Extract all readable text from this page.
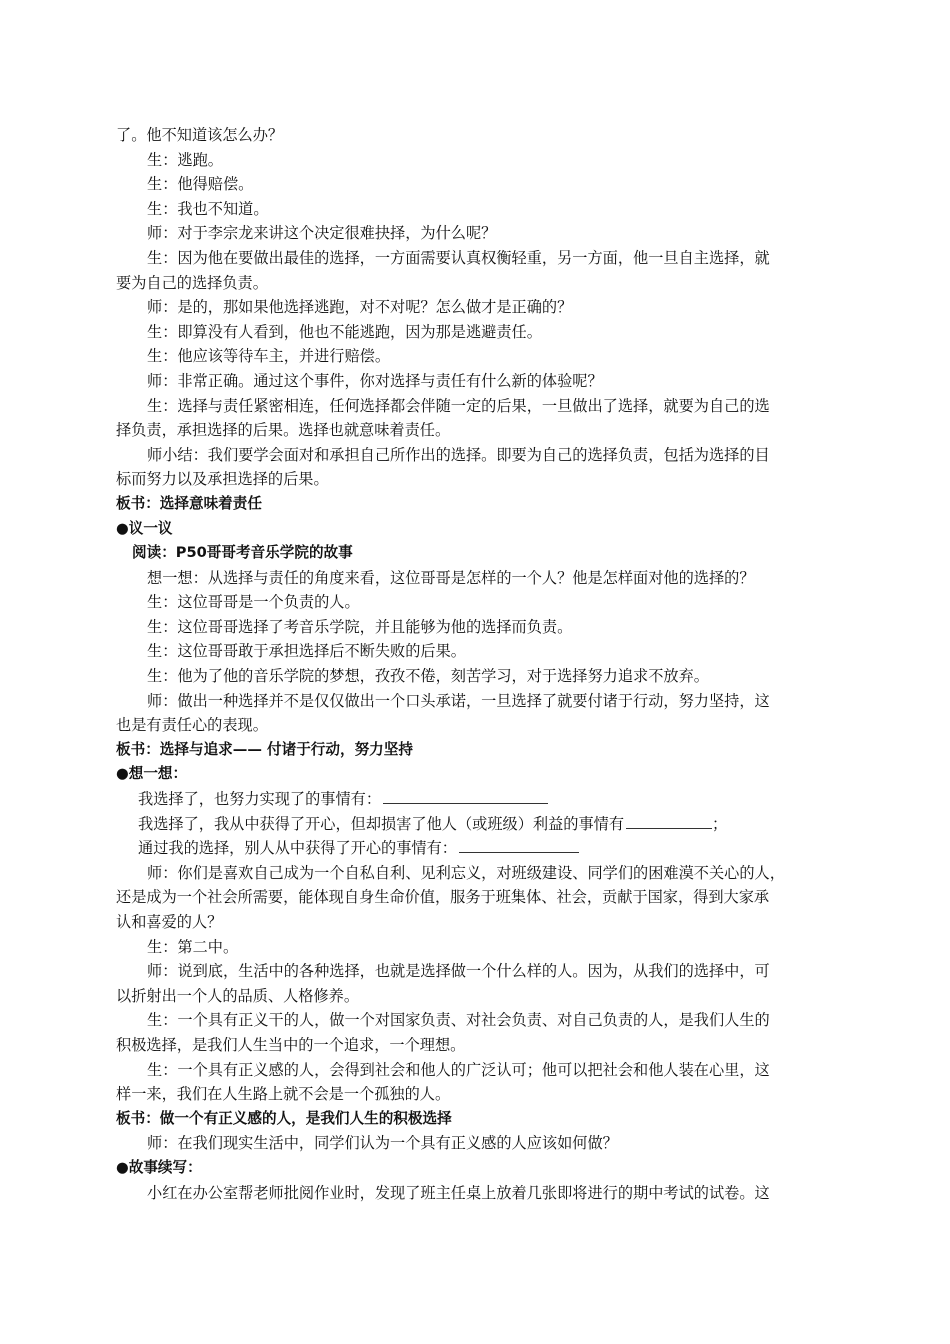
了。他不知道该怎么办？
生：逃跑。
生：他得赔偿。
生：我也不知道。
师：对于李宗龙来讲这个决定很难抉择，为什么呢？
生：因为他在要做出最佳的选择，一方面需要认真权衡轻重，另一方面，他一旦自主选择，就
要为自己的选择负责。
师：是的，那如果他选择逃跑，对不对呢？怎么做才是正确的？
生：即算没有人看到，他也不能逃跑，因为那是逃避责任。
生：他应该等待车主，并进行赔偿。
师：非常正确。通过这个事件，你对选择与责任有什么新的体验呢？
生：选择与责任紧密相连，任何选择都会伴随一定的后果，一旦做出了选择，就要为自己的选
择负责，承担选择的后果。选择也就意味着责任。
师小结：我们要学会面对和承担自己所作出的选择。即要为自己的选择负责，包括为选择的目
标而努力以及承担选择的后果。
板书：选择意味着责任
●议一议
阅读：P50哥哥考音乐学院的故事
想一想：从选择与责任的角度来看，这位哥哥是怎样的一个人？他是怎样面对他的选择的？
生：这位哥哥是一个负责的人。
生：这位哥哥选择了考音乐学院，并且能够为他的选择而负责。
生：这位哥哥敢于承担选择后不断失败的后果。
生：他为了他的音乐学院的梦想，孜孜不倦，刻苦学习，对于选择努力追求不放弃。
师：做出一种选择并不是仅仅做出一个口头承诺，一旦选择了就要付诸于行动，努力坚持，这
也是有责任心的表现。
板书：选择与追求—— 付诸于行动，努力坚持
●想一想：
我选择了，也努力实现了的事情有：
我选择了，我从中获得了开心，但却损害了他人（或班级）利益的事情有	；
通过我的选择，别人从中获得了开心的事情有：
师：你们是喜欢自己成为一个自私自利、见利忘义，对班级建设、同学们的困难漠不关心的人，
还是成为一个社会所需要，能体现自身生命价值，服务于班集体、社会，贡献于国家，得到大家承
认和喜爱的人？
生：第二中。
师：说到底，生活中的各种选择，也就是选择做一个什么样的人。因为，从我们的选择中，可
以折射出一个人的品质、人格修养。
生：一个具有正义干的人，做一个对国家负责、对社会负责、对自己负责的人，是我们人生的
积极选择，是我们人生当中的一个追求，一个理想。
生：一个具有正义感的人，会得到社会和他人的广泛认可；他可以把社会和他人装在心里，这
样一来，我们在人生路上就不会是一个孤独的人。
板书：做一个有正义感的人，是我们人生的积极选择
师：在我们现实生活中，同学们认为一个具有正义感的人应该如何做？
●故事续写：
小红在办公室帮老师批阅作业时，发现了班主任桌上放着几张即将进行的期中考试的试卷。这
